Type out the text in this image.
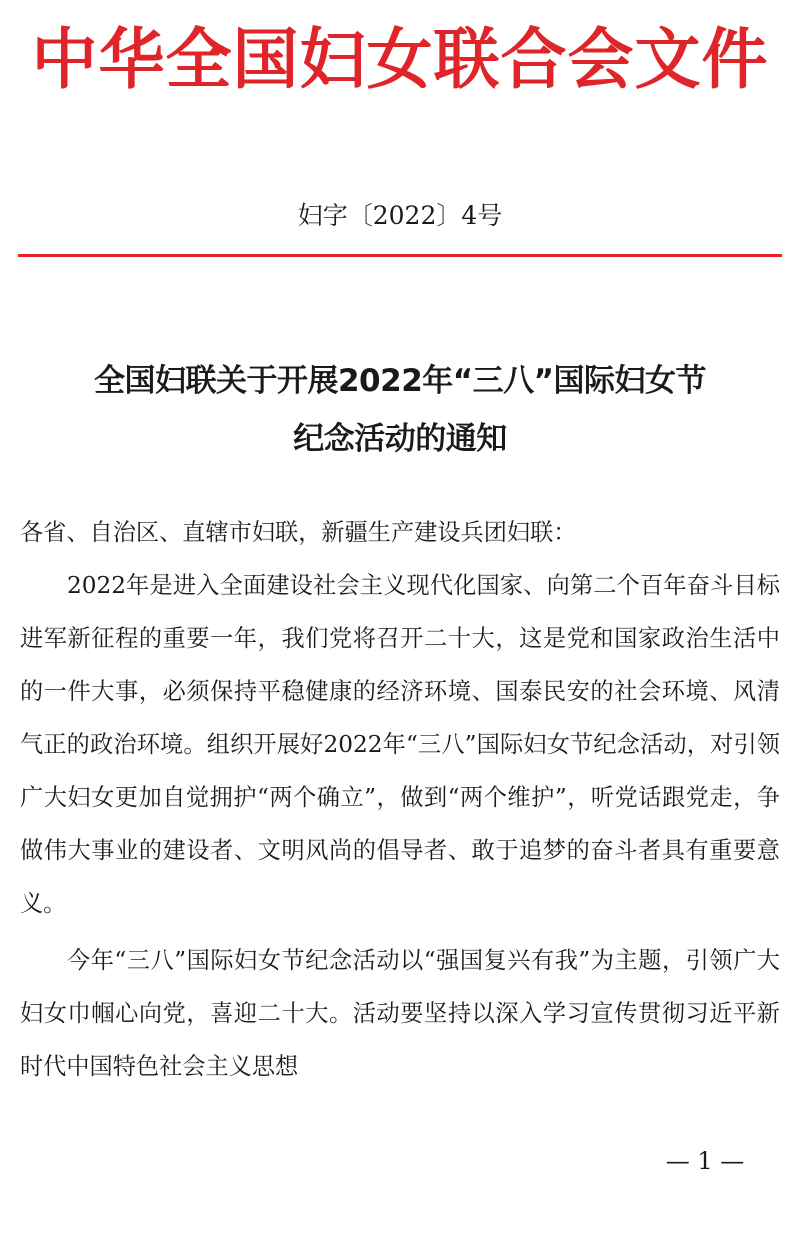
中华全国妇女联合会文件
妇字〔2022〕4号
全国妇联关于开展2022年“三八”国际妇女节
纪念活动的通知

各省、自治区、直辖市妇联，新疆生产建设兵团妇联：

2022年是进入全面建设社会主义现代化国家、向第二个百年奋斗目标进军新征程的重要一年，我们党将召开二十大，这是党和国家政治生活中的一件大事，必须保持平稳健康的经济环境、国泰民安的社会环境、风清气正的政治环境。组织开展好2022年“三八”国际妇女节纪念活动，对引领广大妇女更加自觉拥护“两个确立”，做到“两个维护”，听党话跟党走，争做伟大事业的建设者、文明风尚的倡导者、敢于追梦的奋斗者具有重要意义。

今年“三八”国际妇女节纪念活动以“强国复兴有我”为主题，引领广大妇女巾帼心向党，喜迎二十大。活动要坚持以深入学习宣传贯彻习近平新时代中国特色社会主义思想

— 1 —
